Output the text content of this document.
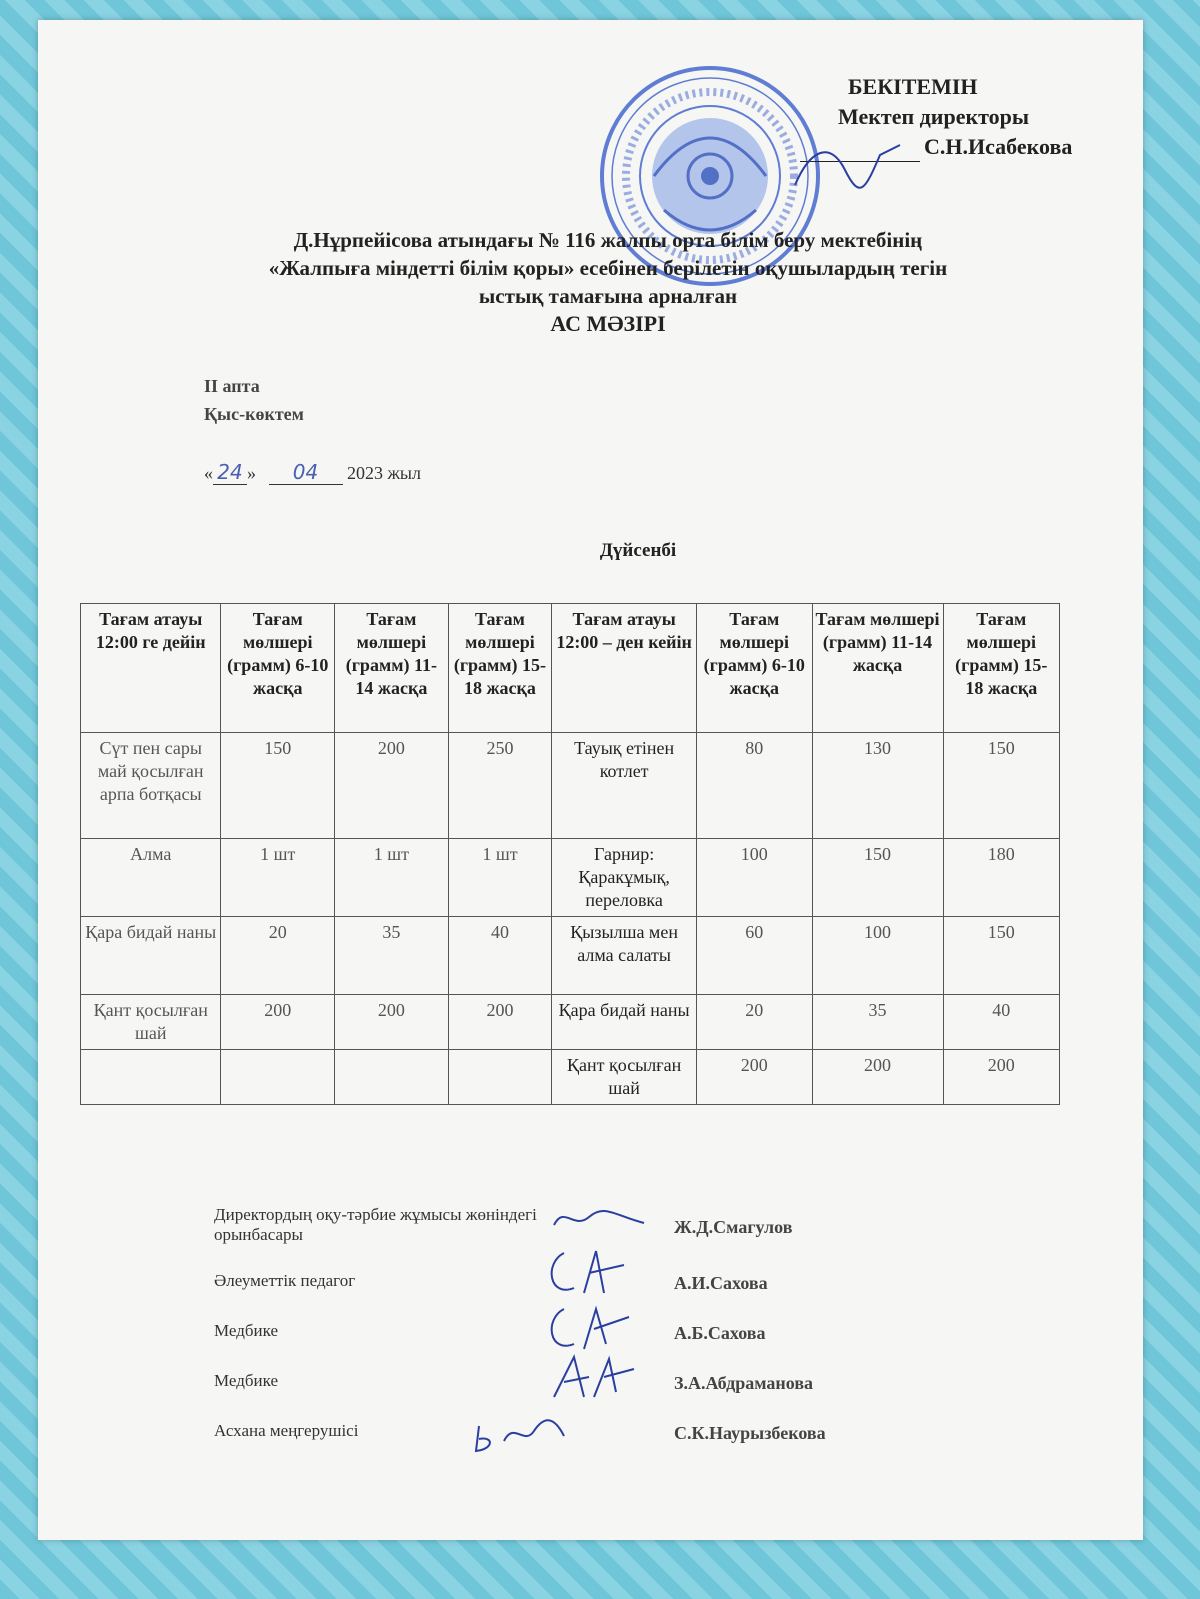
БЕКІТЕМІН
Мектеп директоры
С.Н.Исабекова
Д.Нұрпейісова атындағы № 116 жалпы орта білім беру мектебінің
«Жалпыға міндетті білім қоры» есебінен берілетін оқушылардың тегін
ыстық тамағына арналған
АС МӘЗІРІ
ІІ апта
Қыс-көктем
« 24 » 04 2023 жыл
Дүйсенбі
Тағам атауы 12:00 ге дейін	Тағам мөлшері (грамм) 6-10 жасқа	Тағам мөлшері (грамм) 11-14 жасқа	Тағам мөлшері (грамм) 15-18 жасқа	Тағам атауы 12:00 – ден кейін	Тағам мөлшері (грамм) 6-10 жасқа	Тағам мөлшері (грамм) 11-14 жасқа	Тағам мөлшері (грамм) 15-18 жасқа
Сүт пен сары май қосылған арпа ботқасы	150	200	250	Тауық етінен котлет	80	130	150
Алма	1 шт	1 шт	1 шт	Гарнир: Қаракұмық, переловка	100	150	180
Қара бидай наны	20	35	40	Қызылша мен алма салаты	60	100	150
Қант қосылған шай	200	200	200	Қара бидай наны	20	35	40
				Қант қосылған шай	200	200	200
Директордың оқу-тәрбие жұмысы жөніндегі орынбасары	Ж.Д.Смагулов
Әлеуметтік педагог	А.И.Сахова
Медбике	А.Б.Сахова
Медбике	З.А.Абдраманова
Асхана меңгерушісі	С.К.Наурызбекова
